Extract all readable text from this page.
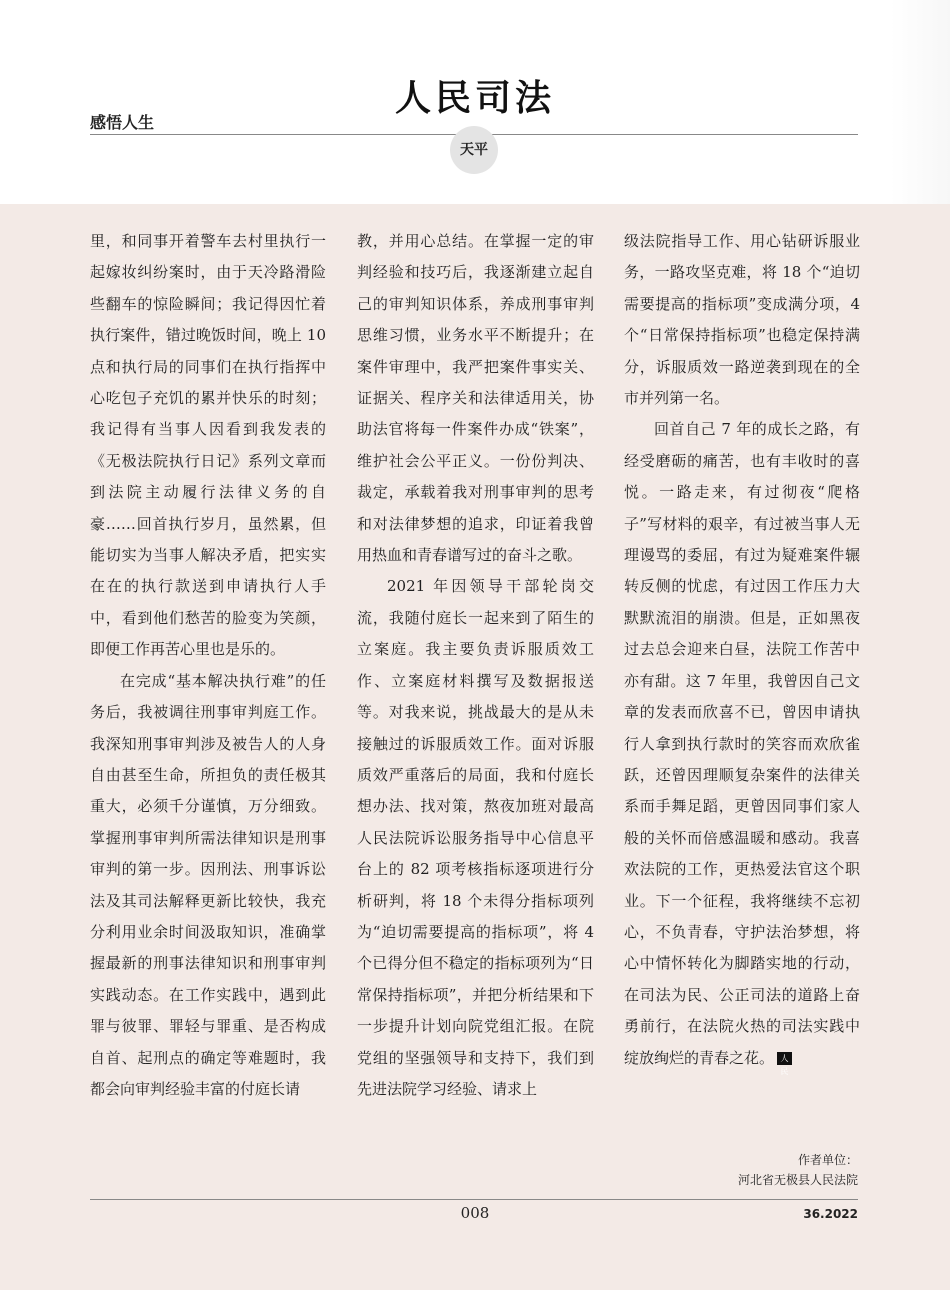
人民司法
感悟人生
天平

里，和同事开着警车去村里执行一起嫁妆纠纷案时，由于天冷路滑险些翻车的惊险瞬间；我记得因忙着执行案件，错过晚饭时间，晚上 10 点和执行局的同事们在执行指挥中心吃包子充饥的累并快乐的时刻；我记得有当事人因看到我发表的《无极法院执行日记》系列文章而到法院主动履行法律义务的自豪……回首执行岁月，虽然累，但能切实为当事人解决矛盾，把实实在在的执行款送到申请执行人手中，看到他们愁苦的脸变为笑颜，即便工作再苦心里也是乐的。

在完成“基本解决执行难”的任务后，我被调往刑事审判庭工作。我深知刑事审判涉及被告人的人身自由甚至生命，所担负的责任极其重大，必须千分谨慎，万分细致。掌握刑事审判所需法律知识是刑事审判的第一步。因刑法、刑事诉讼法及其司法解释更新比较快，我充分利用业余时间汲取知识，准确掌握最新的刑事法律知识和刑事审判实践动态。在工作实践中，遇到此罪与彼罪、罪轻与罪重、是否构成自首、起刑点的确定等难题时，我都会向审判经验丰富的付庭长请

教，并用心总结。在掌握一定的审判经验和技巧后，我逐渐建立起自己的审判知识体系，养成刑事审判思维习惯，业务水平不断提升；在案件审理中，我严把案件事实关、证据关、程序关和法律适用关，协助法官将每一件案件办成“铁案”，维护社会公平正义。一份份判决、裁定，承载着我对刑事审判的思考和对法律梦想的追求，印证着我曾用热血和青春谱写过的奋斗之歌。

2021 年因领导干部轮岗交流，我随付庭长一起来到了陌生的立案庭。我主要负责诉服质效工作、立案庭材料撰写及数据报送等。对我来说，挑战最大的是从未接触过的诉服质效工作。面对诉服质效严重落后的局面，我和付庭长想办法、找对策，熬夜加班对最高人民法院诉讼服务指导中心信息平台上的 82 项考核指标逐项进行分析研判，将 18 个未得分指标项列为“迫切需要提高的指标项”，将 4 个已得分但不稳定的指标项列为“日常保持指标项”，并把分析结果和下一步提升计划向院党组汇报。在院党组的坚强领导和支持下，我们到先进法院学习经验、请求上

级法院指导工作、用心钻研诉服业务，一路攻坚克难，将 18 个“迫切需要提高的指标项”变成满分项，4 个“日常保持指标项”也稳定保持满分，诉服质效一路逆袭到现在的全市并列第一名。

回首自己 7 年的成长之路，有经受磨砺的痛苦，也有丰收时的喜悦。一路走来，有过彻夜“爬格子”写材料的艰辛，有过被当事人无理谩骂的委屈，有过为疑难案件辗转反侧的忧虑，有过因工作压力大默默流泪的崩溃。但是，正如黑夜过去总会迎来白昼，法院工作苦中亦有甜。这 7 年里，我曾因自己文章的发表而欣喜不已，曾因申请执行人拿到执行款时的笑容而欢欣雀跃，还曾因理顺复杂案件的法律关系而手舞足蹈，更曾因同事们家人般的关怀而倍感温暖和感动。我喜欢法院的工作，更热爱法官这个职业。下一个征程，我将继续不忘初心，不负青春，守护法治梦想，将心中情怀转化为脚踏实地的行动，在司法为民、公正司法的道路上奋勇前行，在法院火热的司法实践中绽放绚烂的青春之花。 人民

作者单位：
河北省无极县人民法院
008	36.2022
